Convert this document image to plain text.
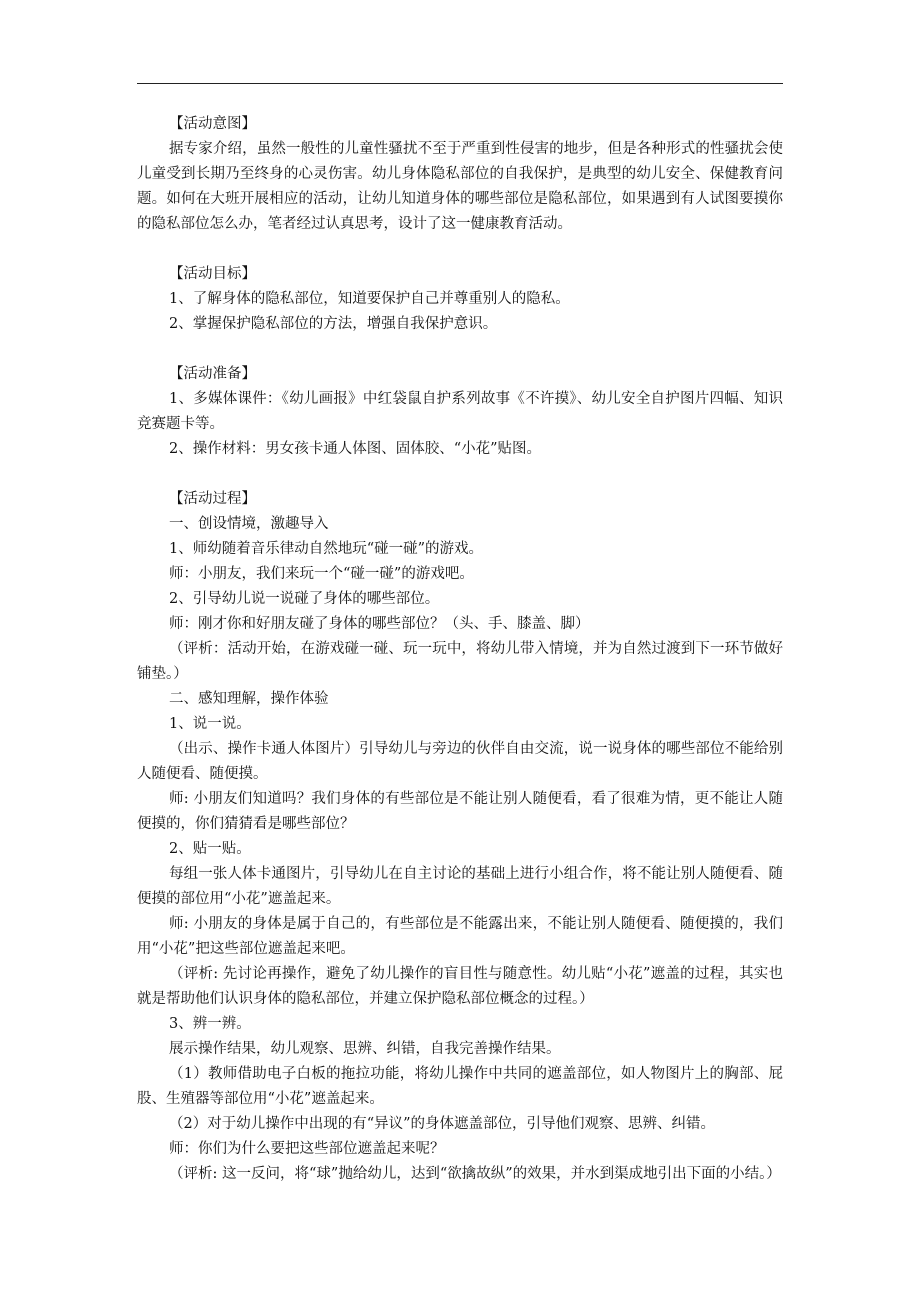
【活动意图】

据专家介绍，虽然一般性的儿童性骚扰不至于严重到性侵害的地步，但是各种形式的性骚扰会使儿童受到长期乃至终身的心灵伤害。幼儿身体隐私部位的自我保护，是典型的幼儿安全、保健教育问题。如何在大班开展相应的活动，让幼儿知道身体的哪些部位是隐私部位，如果遇到有人试图要摸你的隐私部位怎么办，笔者经过认真思考，设计了这一健康教育活动。

【活动目标】

1、了解身体的隐私部位，知道要保护自己并尊重别人的隐私。

2、掌握保护隐私部位的方法，增强自我保护意识。

【活动准备】

1、多媒体课件：《幼儿画报》中红袋鼠自护系列故事《不许摸》、幼儿安全自护图片四幅、知识竞赛题卡等。

2、操作材料：男女孩卡通人体图、固体胶、“小花”贴图。

【活动过程】

一、创设情境，激趣导入

1、师幼随着音乐律动自然地玩“碰一碰”的游戏。

师：小朋友，我们来玩一个“碰一碰”的游戏吧。

2、引导幼儿说一说碰了身体的哪些部位。

师：刚才你和好朋友碰了身体的哪些部位？（头、手、膝盖、脚）

（评析：活动开始，在游戏碰一碰、玩一玩中，将幼儿带入情境，并为自然过渡到下一环节做好铺垫。）

二、感知理解，操作体验

1、说一说。

（出示、操作卡通人体图片）引导幼儿与旁边的伙伴自由交流，说一说身体的哪些部位不能给别人随便看、随便摸。

师: 小朋友们知道吗？我们身体的有些部位是不能让别人随便看，看了很难为情，更不能让人随便摸的，你们猜猜看是哪些部位？

2、贴一贴。

每组一张人体卡通图片，引导幼儿在自主讨论的基础上进行小组合作，将不能让别人随便看、随便摸的部位用“小花”遮盖起来。

师: 小朋友的身体是属于自己的，有些部位是不能露出来，不能让别人随便看、随便摸的，我们用“小花”把这些部位遮盖起来吧。

（评析: 先讨论再操作，避免了幼儿操作的盲目性与随意性。幼儿贴“小花”遮盖的过程，其实也就是帮助他们认识身体的隐私部位，并建立保护隐私部位概念的过程。）

3、辨一辨。

展示操作结果，幼儿观察、思辨、纠错，自我完善操作结果。

（1）教师借助电子白板的拖拉功能，将幼儿操作中共同的遮盖部位，如人物图片上的胸部、屁股、生殖器等部位用“小花”遮盖起来。

（2）对于幼儿操作中出现的有“异议”的身体遮盖部位，引导他们观察、思辨、纠错。

师：你们为什么要把这些部位遮盖起来呢？

（评析: 这一反问，将“球”抛给幼儿，达到“欲擒故纵”的效果，并水到渠成地引出下面的小结。）
